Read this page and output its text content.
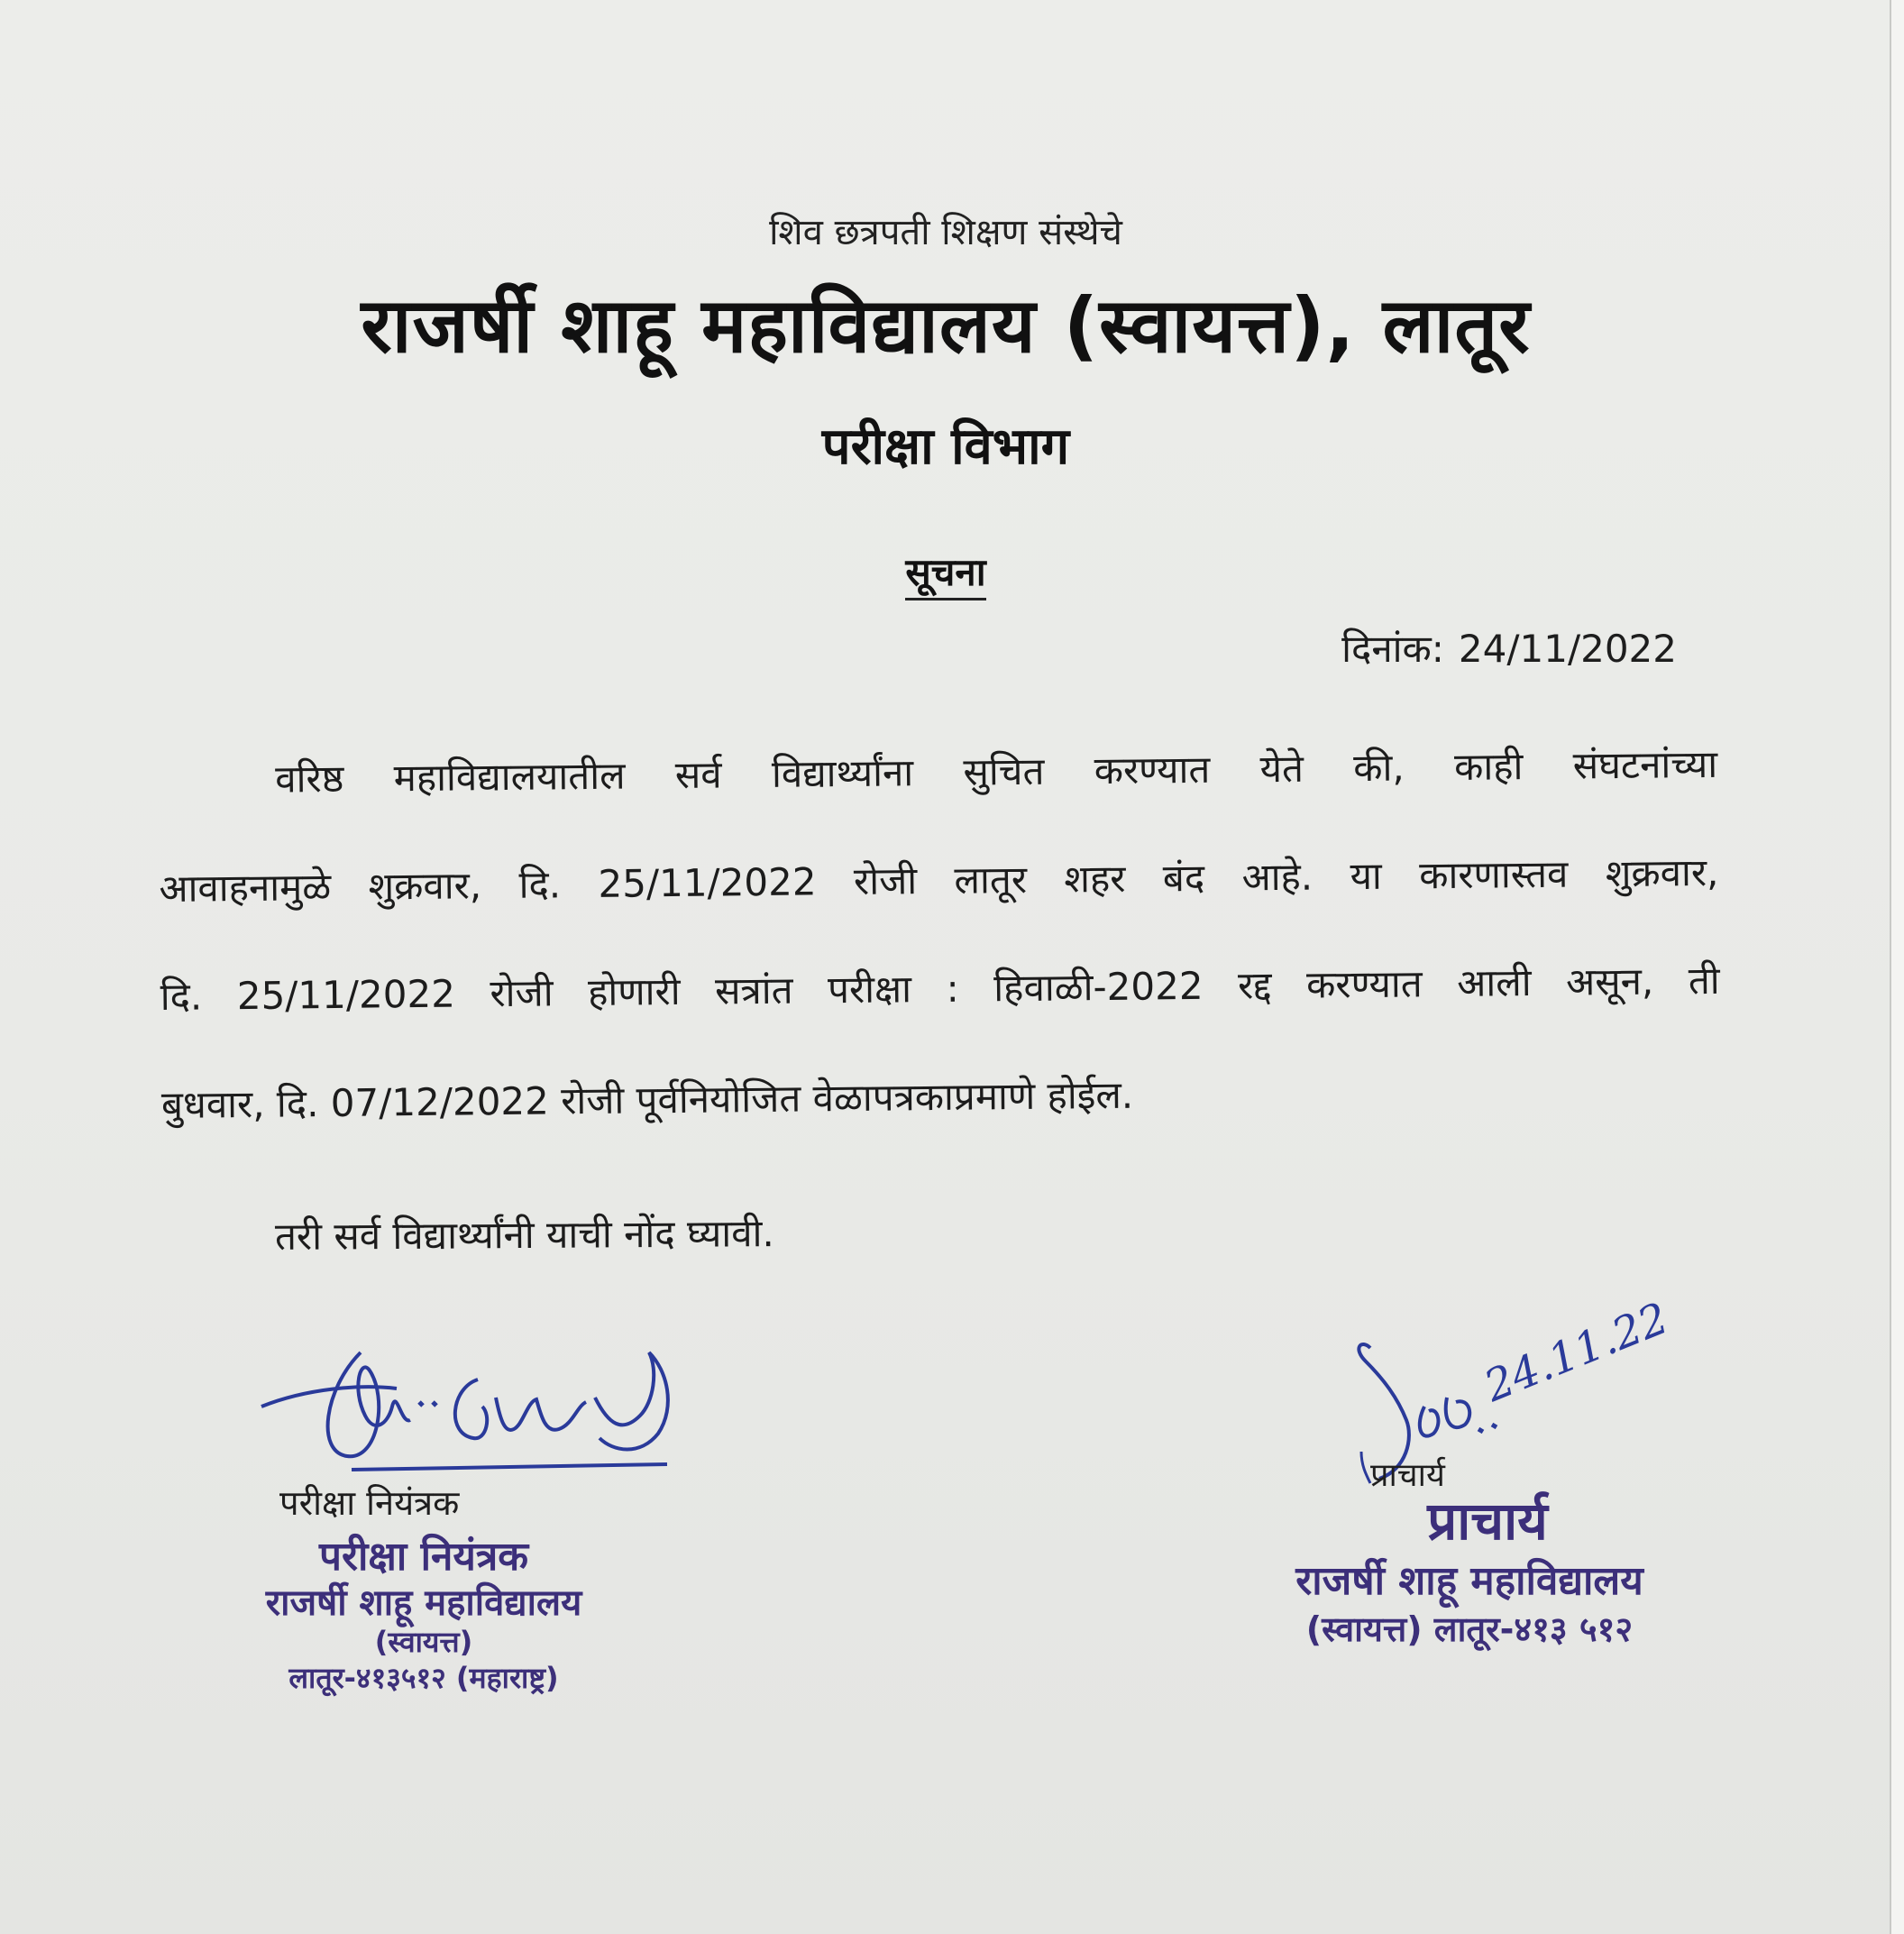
शिव छत्रपती शिक्षण संस्थेचे
राजर्षी शाहू महाविद्यालय (स्वायत्त), लातूर
परीक्षा विभाग
सूचना
दिनांक: 24/11/2022
वरिष्ठ महाविद्यालयातील सर्व विद्यार्थ्यांना सुचित करण्यात येते की, काही संघटनांच्या
आवाहनामुळे शुक्रवार, दि. 25/11/2022 रोजी लातूर शहर बंद आहे. या कारणास्तव शुक्रवार,
दि. 25/11/2022 रोजी होणारी सत्रांत परीक्षा : हिवाळी-2022 रद्द करण्यात आली असून, ती
बुधवार, दि. 07/12/2022 रोजी पूर्वनियोजित वेळापत्रकाप्रमाणे होईल.
तरी सर्व विद्यार्थ्यांनी याची नोंद घ्यावी.
परीक्षा नियंत्रक
परीक्षा नियंत्रक
राजर्षी शाहू महाविद्यालय
(स्वायत्त)
लातूर-४१३५१२ (महाराष्ट्र)
24.11.22
प्राचार्य
प्राचार्य
राजर्षी शाहू महाविद्यालय
(स्वायत्त) लातूर-४१३ ५१२
